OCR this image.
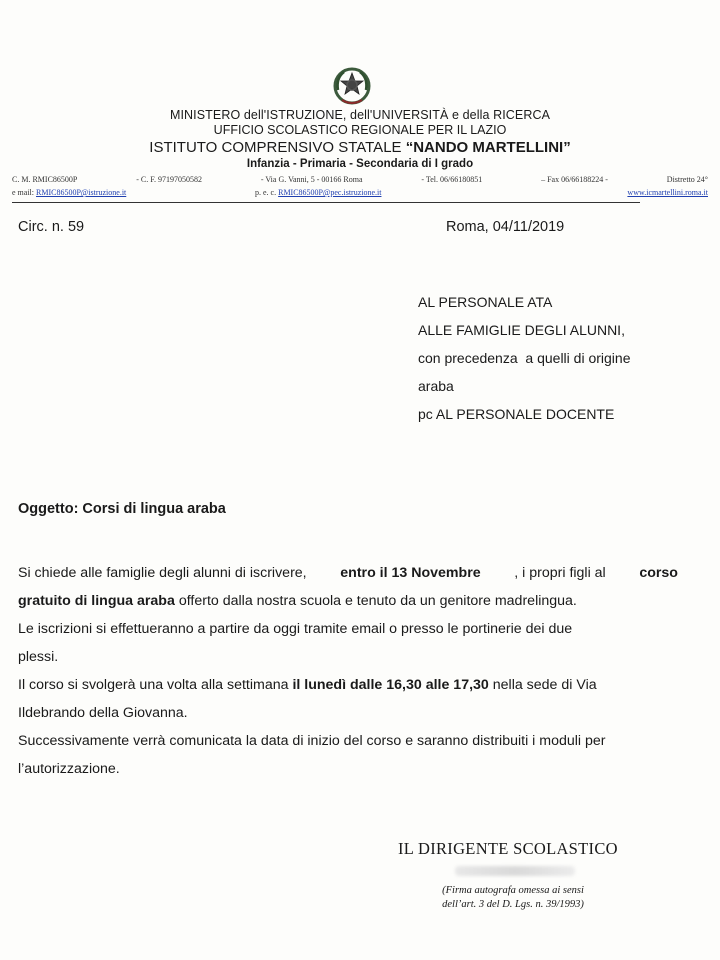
MINISTERO dell'ISTRUZIONE, dell'UNIVERSITÀ e della RICERCA
UFFICIO SCOLASTICO REGIONALE PER IL LAZIO
ISTITUTO COMPRENSIVO STATALE “NANDO MARTELLINI”
Infanzia - Primaria - Secondaria di I grado
C. M. RMIC86500P	- C. F. 97197050582	- Via G. Vanni, 5 - 00166 Roma	- Tel. 06/66180851	– Fax 06/66188224 -	Distretto 24°
e mail: RMIC86500P@istruzione.it	p. e. c. RMIC86500P@pec.istruzione.it	www.icmartellini.roma.it
Circ. n. 59	Roma, 04/11/2019
AL PERSONALE ATA
ALLE FAMIGLIE DEGLI ALUNNI,
con precedenza  a quelli di origine
araba
pc AL PERSONALE DOCENTE
Oggetto: Corsi di lingua araba
Si chiede alle famiglie degli alunni di iscrivere, entro il 13 Novembre , i propri figli al corso
gratuito di lingua araba
offerto dalla nostra scuola e tenuto da un genitore madrelingua.
Le iscrizioni si effettueranno a partire da oggi tramite email o presso le portinerie dei due
plessi.
Il corso si svolgerà una volta alla settimana
il lunedì dalle 16,30 alle 17,30
nella sede di Via
Ildebrando della Giovanna.
Successivamente verrà comunicata la data di inizio del corso e saranno distribuiti i moduli per
l’autorizzazione.
IL DIRIGENTE SCOLASTICO
(Firma autografa omessa ai sensi
dell’art. 3 del D. Lgs. n. 39/1993)
